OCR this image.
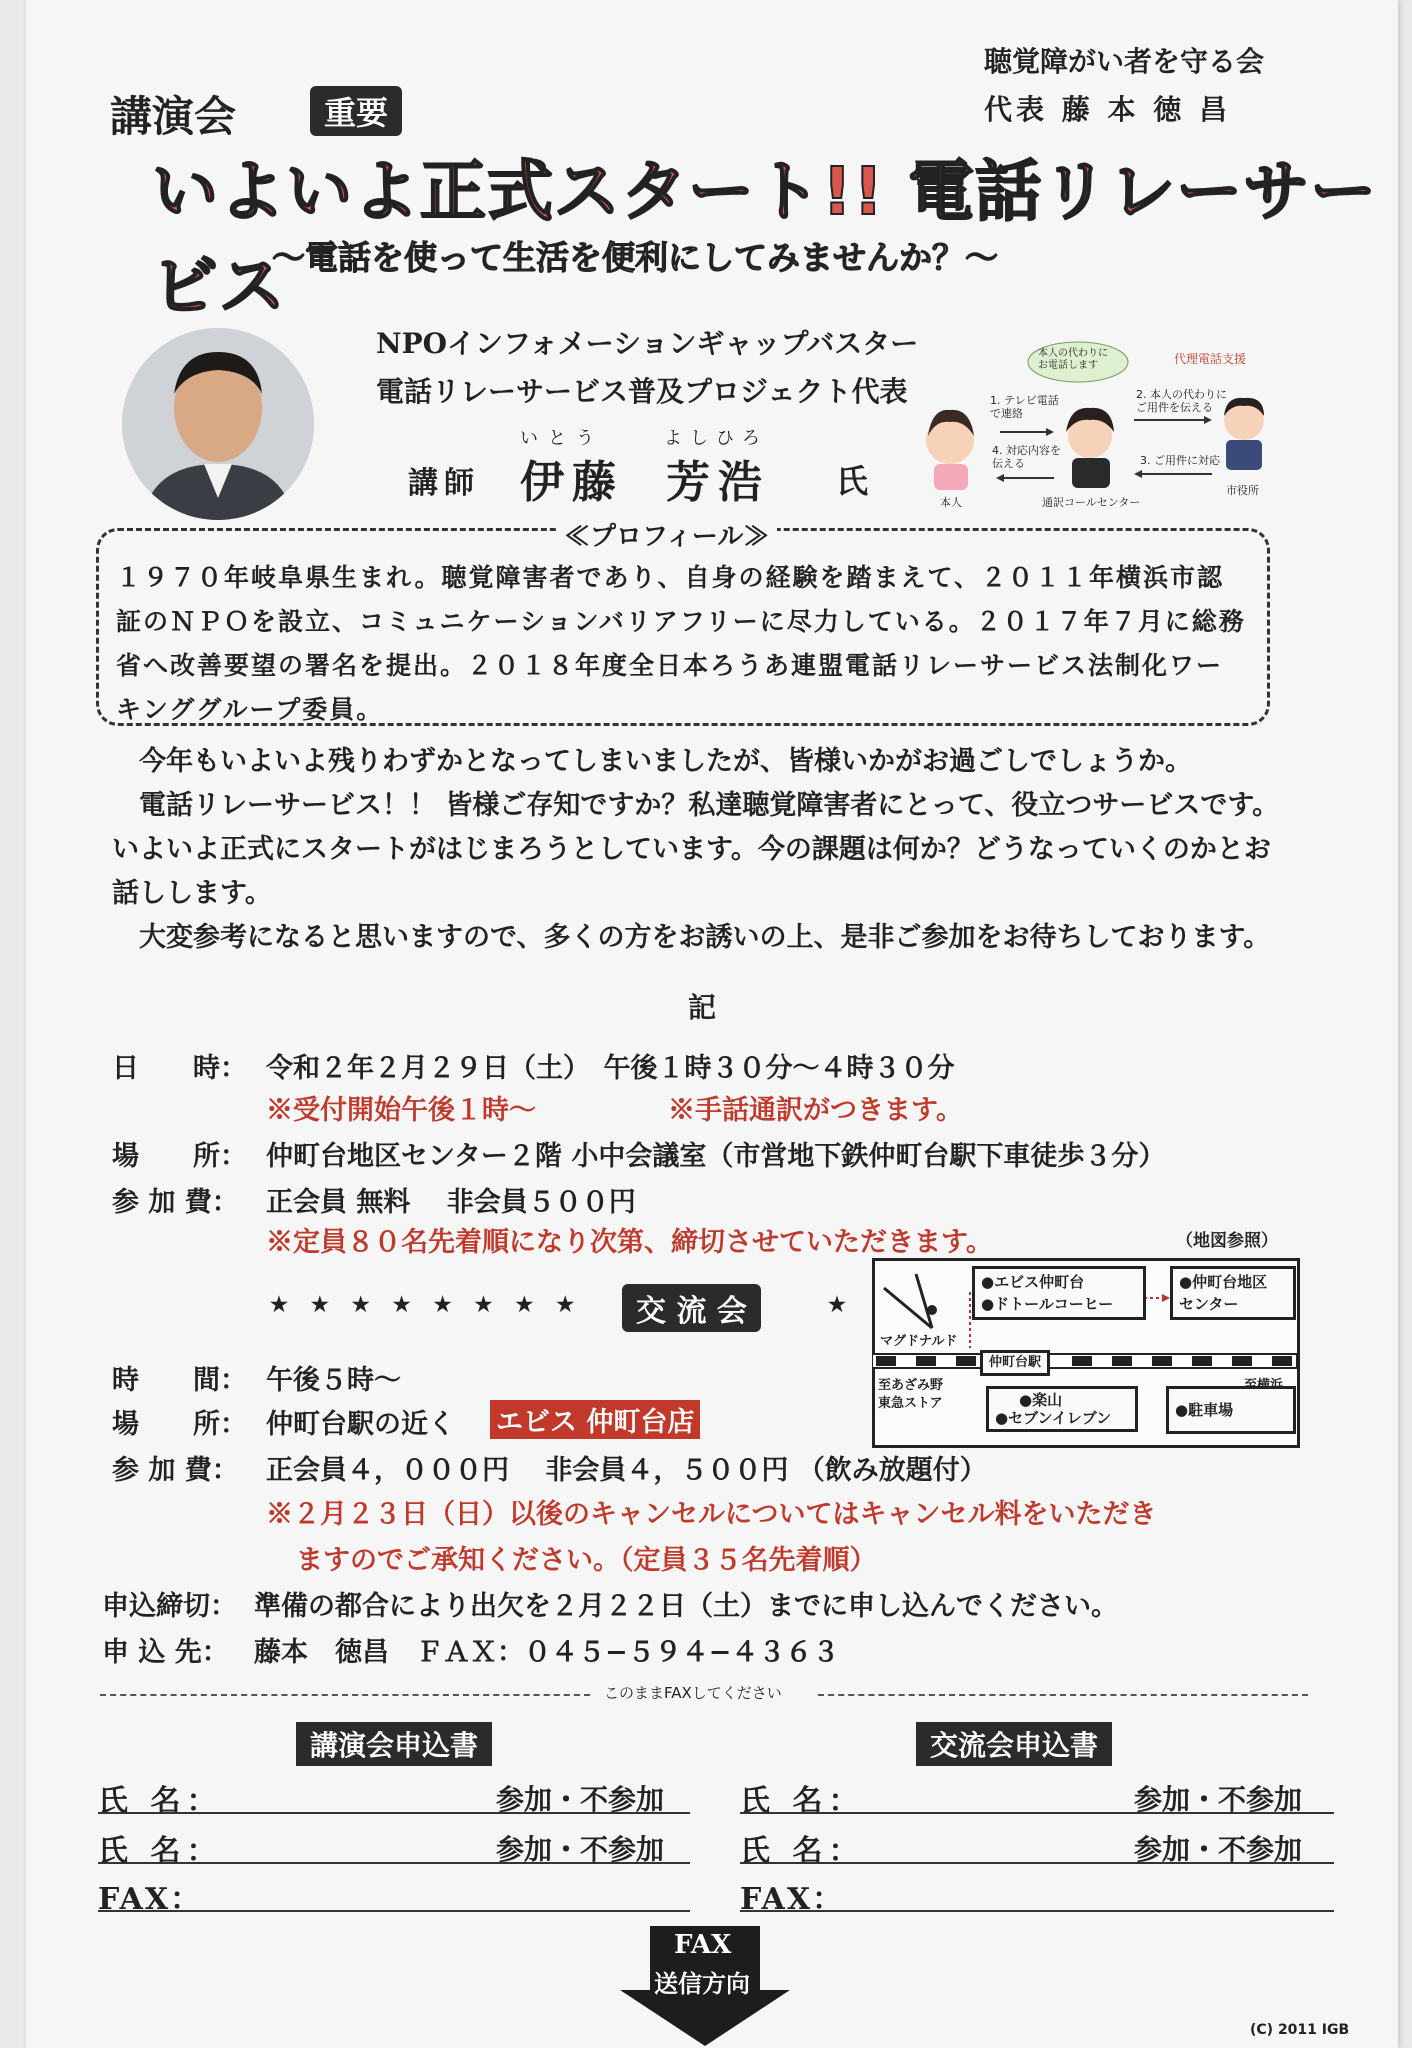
講演会	重要
聴覚障がい者を守る会
代表 藤 本 徳 昌
いよいよ正式スタート!! 電話リレーサービス
〜電話を使って生活を便利にしてみませんか？〜
NPOインフォメーションギャップバスター
電話リレーサービス普及プロジェクト代表
いとう	よしひろ
講師 伊藤 芳浩 氏
本人の代わりに
お電話します	代理電話支援
1. テレビ電話
で連絡
2. 本人の代わりに
ご用件を伝える
3. ご用件に対応
4. 対応内容を
伝える
本人	通訳コールセンター
市役所
≪プロフィール≫
１９７０年岐阜県生まれ。聴覚障害者であり、自身の経験を踏まえて、２０１１年横浜市認証のＮＰＯを設立、コミュニケーションバリアフリーに尽力している。２０１７年７月に総務省へ改善要望の署名を提出。２０１８年度全日本ろうあ連盟電話リレーサービス法制化ワーキンググループ委員。
今年もいよいよ残りわずかとなってしまいましたが、皆様いかがお過ごしでしょうか。
電話リレーサービス！！ 皆様ご存知ですか？私達聴覚障害者にとって、役立つサービスです。いよいよ正式にスタートがはじまろうとしています。今の課題は何か？どうなっていくのかとお話しします。
大変参考になると思いますので、多くの方をお誘いの上、是非ご参加をお待ちしております。
記
日　　時： 令和２年２月２９日（土）　午後１時３０分〜４時３０分
※受付開始午後１時〜	※手話通訳がつきます。
場　　所： 仲町台地区センター２階 小中会議室（市営地下鉄仲町台駅下車徒歩３分）
参 加 費： 正会員 無料　 非会員５００円
※定員８０名先着順になり次第、締切させていただきます。	（地図参照）
●エビス仲町台
●ドトールコーヒー
●仲町台地区
センター
マグドナルド
仲町台駅
至あざみ野
東急ストア	●楽山
●セブンイレブン	●駐車場
★ ★ ★ ★ ★ ★ ★ ★	交 流 会	★
時　　間： 午後５時〜
場　　所： 仲町台駅の近く エビス 仲町台店
参 加 費： 正会員４，０００円　 非会員４，５００円 （飲み放題付）
※２月２３日（日）以後のキャンセルについてはキャンセル料をいただき
ますのでご承知ください。（定員３５名先着順）
申込締切： 準備の都合により出欠を２月２２日（土）までに申し込んでください。
申 込 先： 藤本　徳昌　ＦＡＸ：０４５−５９４−４３６３
このままFAXしてください
講演会申込書	交流会申込書
氏 名：	参加・不参加
氏 名：	参加・不参加
FAX：
氏 名：	参加・不参加
氏 名：	参加・不参加
FAX：
FAX
送信方向
(C) 2011 IGB
